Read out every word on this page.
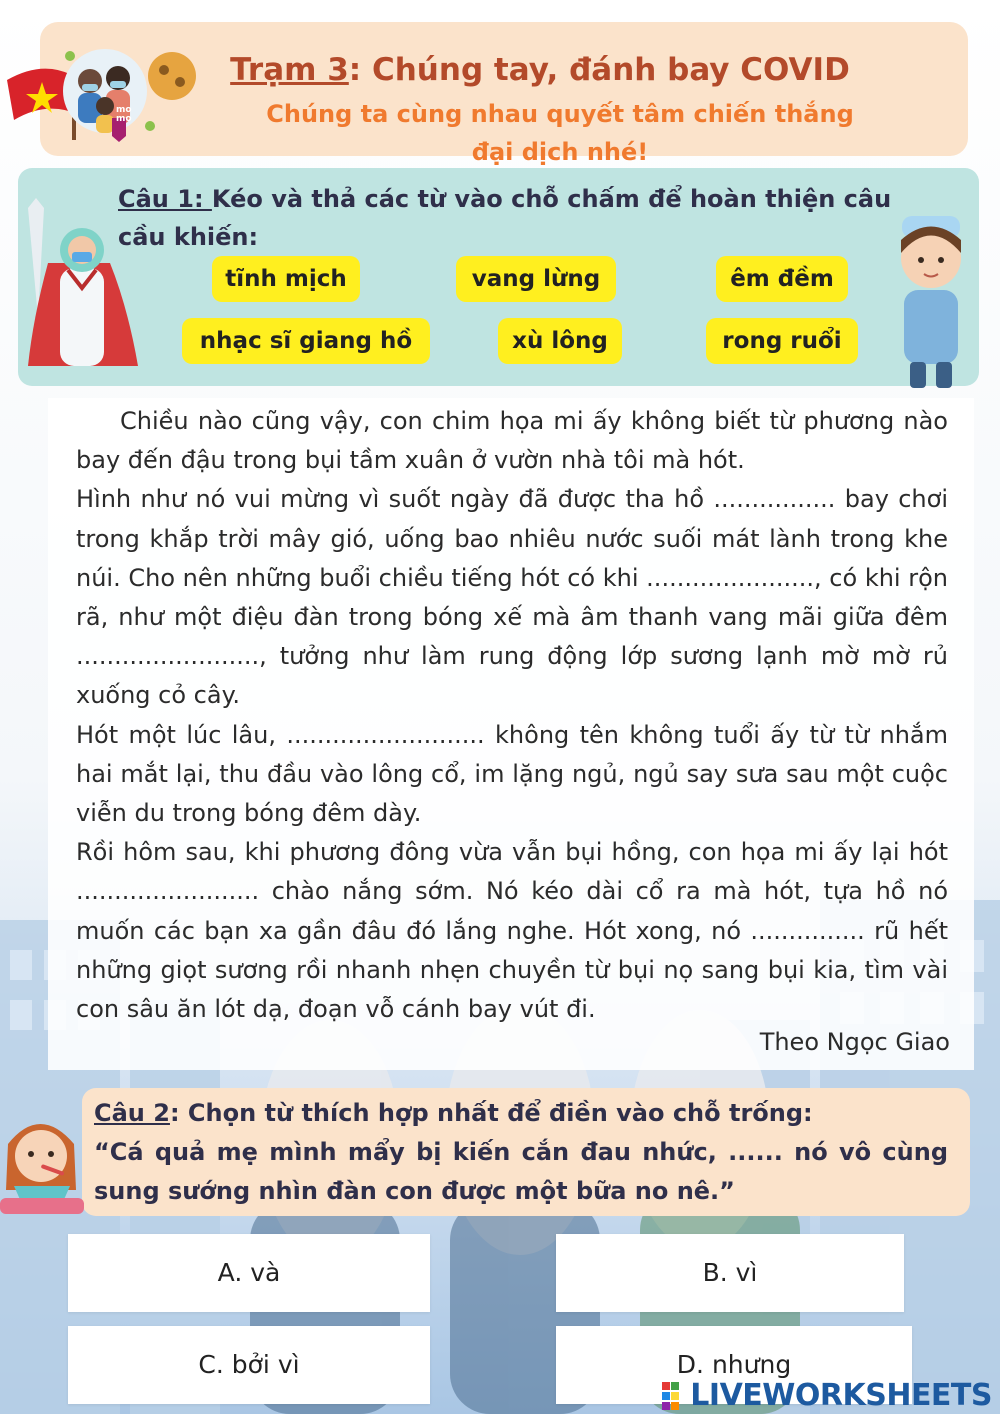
mo mo
Trạm 3: Chúng tay, đánh bay COVID
Chúng ta cùng nhau quyết tâm chiến thắng
đại dịch nhé!
Câu 1: Kéo và thả các từ vào chỗ chấm để hoàn thiện câu cầu khiến:
tĩnh mịch	vang lừng	êm đềm
nhạc sĩ giang hồ	xù lông	rong ruổi

Chiều nào cũng vậy, con chim họa mi ấy không biết từ phương nào bay đến đậu trong bụi tầm xuân ở vườn nhà tôi mà hót.

Hình như nó vui mừng vì suốt ngày đã được tha hồ ................ bay chơi trong khắp trời mây gió, uống bao nhiêu nước suối mát lành trong khe núi. Cho nên những buổi chiều tiếng hót có khi ......................, có khi rộn rã, như một điệu đàn trong bóng xế mà âm thanh vang mãi giữa đêm ........................, tưởng như làm rung động lớp sương lạnh mờ mờ rủ xuống cỏ cây.

Hót một lúc lâu, .......................... không tên không tuổi ấy từ từ nhắm hai mắt lại, thu đầu vào lông cổ, im lặng ngủ, ngủ say sưa sau một cuộc viễn du trong bóng đêm dày.

Rồi hôm sau, khi phương đông vừa vẫn bụi hồng, con họa mi ấy lại hót ........................ chào nắng sớm. Nó kéo dài cổ ra mà hót, tựa hồ nó muốn các bạn xa gần đâu đó lắng nghe. Hót xong, nó ............... rũ hết những giọt sương rồi nhanh nhẹn chuyền từ bụi nọ sang bụi kia, tìm vài con sâu ăn lót dạ, đoạn vỗ cánh bay vút đi.

Theo Ngọc Giao

Câu 2: Chọn từ thích hợp nhất để điền vào chỗ trống:

“Cá quả mẹ mình mẩy bị kiến cắn đau nhức, ...... nó vô cùng sung sướng nhìn đàn con được một bữa no nê.”

A. và	B. vì
C. bởi vì	D. nhưng
LIVEWORKSHEETS
